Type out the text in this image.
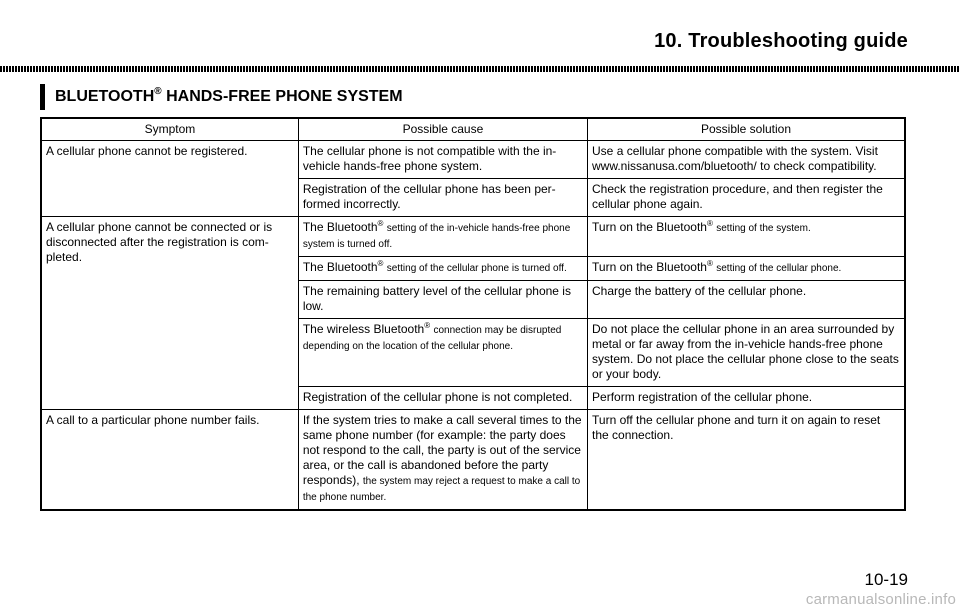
10. Troubleshooting guide
BLUETOOTH® HANDS-FREE PHONE SYSTEM
Symptom	Possible cause	Possible solution
A cellular phone cannot be registered.	The cellular phone is not compatible with the in-vehicle hands-free phone system.	Use a cellular phone compatible with the system. Visit www.nissanusa.com/bluetooth/ to check compatibility.
	Registration of the cellular phone has been per-formed incorrectly.	Check the registration procedure, and then register the cellular phone again.
A cellular phone cannot be connected or is disconnected after the registration is com-pleted.	The Bluetooth® setting of the in-vehicle hands-free phone system is turned off.	Turn on the Bluetooth® setting of the system.
	The Bluetooth® setting of the cellular phone is turned off.	Turn on the Bluetooth® setting of the cellular phone.
	The remaining battery level of the cellular phone is low.	Charge the battery of the cellular phone.
	The wireless Bluetooth® connection may be disrupted depending on the location of the cellular phone.	Do not place the cellular phone in an area surrounded by metal or far away from the in-vehicle hands-free phone system. Do not place the cellular phone close to the seats or your body.
	Registration of the cellular phone is not completed.	Perform registration of the cellular phone.
A call to a particular phone number fails.	If the system tries to make a call several times to the same phone number (for example: the party does not respond to the call, the party is out of the service area, or the call is abandoned before the party responds), the system may reject a request to make a call to the phone number.	Turn off the cellular phone and turn it on again to reset the connection.
10-19
carmanualsonline.info
